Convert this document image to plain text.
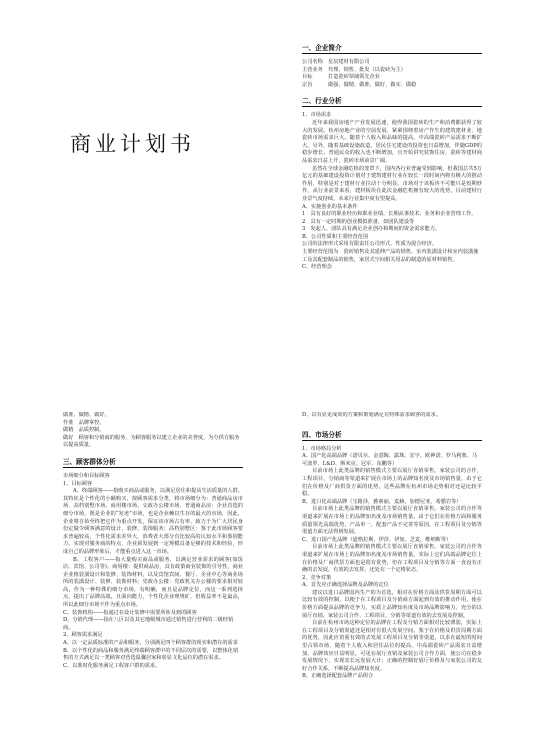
商业计划书

一、企业简介

公司名称 星辰建材有限公司

主营业务 代理、销售、批发（以瓷砖为主）

目标	打造瓷砖领域领先企业

宗旨	做强、做精、做准、做好、做实、做稳

二、行业分析

1、市场需求

近年来我国房地产产业发展迅速，使得我国瓷砖的生产和消费都获得了较大的发展。杭州房地产业的空前发展，紧紧围绕着房产作生的建筑建材业、地瓷砖市场需求巨大。随着个人收入和品味的提高，中高端瓷砖产品需求不断扩大。另外，随着基础设施改造、居民住宅建设的投资也日益增加，伴随GDP的稳步增长，普通民众的收入也不断增加，且开始讲究装饰住房，瓷砖等建材商品需求日益上升，瓷砖市场前景广阔。

虽然在全球金融危机的笼罩下，国内各行业普遍受到影响，但我国总共5万亿元的基础建设投资计划对于建筑建材行业在较长一段时间内将有极大的推动作用，特别是对于建材行业拉动十分明显。市场对于该板块不可能只是短期炒作，从行业前景来看，建材板块在此次金融危机拥有较大的优势，目前建材行业景气度持续，未来行业集中度有望提高。

A、实施创业的基本条件

1　具有良好的职业经历和职业业绩，长期从事技术、业务和企业管理工作。

2　具有一定时期的创业模拟准备，如团队建设等

3　发起人、团队具有满足企业创办和期间的资金需求能力。

B、公司性质和主要经营范围

公司的法律形式采用有限责任公司形式，性质为混合经济。

主要经营范围为　瓷砖销售及其延伸产品的销售，室内装潢设计和室内装潢施工及其配套制品的销售，家居式空间相关用品的制造的原材料销售。

C、经营理念

做准、做精、做好。

作准　品牌掌控。

做精　品质控制。

做好　顾客和分销商的服务，为顾客服务以建立企业的美誉度，为分供方服务以提高质量。

三、顾客群体分析

市场细分和目标顾客

1、目标顾客

A、终端顾客——指购买商品或服务，以满足居住和提高生活质量的人群。其特征是个性化的小额购买，按顾客需求分类，将市场细分为：普通商品房市场、高档别墅市场、商用楼市场、交政办公楼市场、普通商品房：企业首选的细分市场，既是企业的“发迹”市场，也是企业赖以生存的最大的市场，因此，企业将自始至终把它作为重点开发，保证该市场占有率，致力于为广大居民身份定做令顾客满意的设计、装修、装饰服务；高档别墅区：鉴于此市场顾客要求普遍较高，个性化需求差异大，消费者大部分有比较高的认知水平和鉴别能力，实现对服务商的特点，企业须发展到一定规模具备足够的技术和经验，形成自己的品牌形象后，才能重点进入这一市场。

B、工程客户——指大量购买商品或服务，以满足营业需求的顾客(如饭店、宾馆、公司等)。商用楼：提供商品房，具有政策商业装饰的引导性，商业企业植装潢设计和装修、装饰材料，以及宾馆宾间、餐厅、企业中心等商业场所的装潢设计、装修、装饰材料；党政办公楼：党政机关办公楼的要求相对较高，作为一种特殊的细分市场，有明确，而且是品牌定位，而这一系列选择点，提出了品牌高端，且面向能力，个性化企业理规矿，但收益率不是最高，所以此细分市场不作为重点市场。

C、装饰机构——指通过在设计装修中需要所涉及到的顾客

D、分销代理——指在八区以及其它地级城市通过销售进行营利的二级经销商。

2、顾客需求满足

A、以一定品质标准的产品和服务，分别满足四个顾客群的现实和潜在的需求

B、以个性化的商品和服务满足终端顾客群中的不同层次的需要，以整体化销售的方式满足以一类顾客对营选温馨居家和彰显文化品位的潜在需求。

C、以准时化服务满足工程客户群的需求。

D、以有显见成效的方案和策划满足有特殊需求顾客的需求。

四、市场分析

1、市场格局分析

A、国产化高端品牌（诺贝尔、金意陶、露珠、宏宇、欧神诺、罗马利奥、马可波罗、L&D、斯米克、冠军、东鹏等）

目前市场上此类品牌的销售模式主要以展厅直销零售，家装公司的合作，工程项目，分销商等渠道来扩展在市场上的品牌知名度及市场销售量。由于它们在价格及厂商供货方面的优势，这些品牌在杭州市场走势相对还是比较平稳。

B、进口化高端品牌（宝路莎，雅素丽，麦赫，加德尼亚，希腊岩等）

目前市场上此类品牌的销售模式主要以展厅直销零售，家装公司的合作等渠道来扩展在市场上的品牌知名度及市场销售量。由于它们在价格方面和服务质量领先高端优势，产品单一，配套产品不完善等原因，在工程项目及分销等渠道方面无法得到发展。

C、进口国产化品牌（道格拉斯，伊莎，伊加，芝麦，维纳斯等）

目前市场上此类品牌的销售模式主要以展厅直销零售，家装公司的合作等渠道来扩展在市场上的品牌知名度及市场销售量。实际上它们高端品牌定位上在价格及厂商供货方面也是很有优势，但在工程项目及分销等方面一直没有正确的去发展，有效的去发挥，还处在一个定格状态。

2、竞争对策

A、首先应正确选择品牌及品牌的定位

建议以进口品牌国内生产的为首选，相对在价格方面及供货周期方面可以比较有效的控制，以便于在工程项目及分销商方面起到有效的推动作用，使在价格方面提高品牌的竞争力，实质上品牌知名度及市场品牌影响力，充分的以展厅直销、家装公司合作、工程项目、分销等渠道有效的去发展及控制。

目前在杭州市场这种定位的品牌在工程及分销方面相对比较薄弱，实际上在工程项目及分销渠道还是相对有很大发展空间。鉴于在价格及供货周期方面的优势，因此应着重有效的去发展工程项目及分销等渠道，以求在最短的时间里占领市场，随着个人收入和居住品位的提高，中高端瓷砖产品需求日益增加，品牌效应日益明显，可见在展厅直销及家装公司合作方面，使公司在稳步发展情况下，实现其长远发展大计；正确的控制好展厅价格及与家装公司的友好合作关系，不断提高品牌知名度。

B、正确选择配套品牌产品组合
